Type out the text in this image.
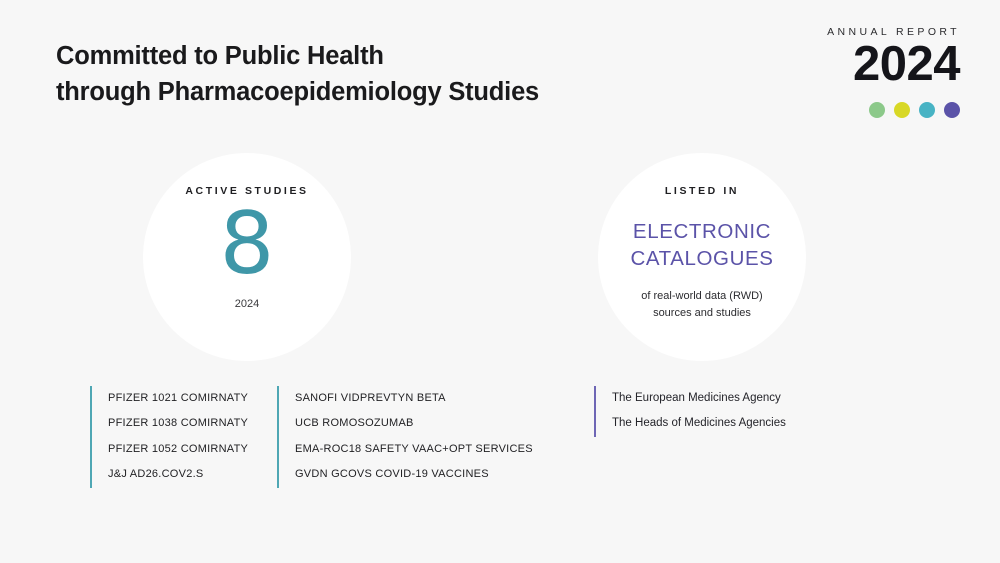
Committed to Public Health
through Pharmacoepidemiology Studies
ANNUAL REPORT
2024
ACTIVE STUDIES
8
2024
LISTED IN
ELECTRONIC
CATALOGUES
of real-world data (RWD)
sources and studies
PFIZER 1021 COMIRNATY
PFIZER 1038 COMIRNATY
PFIZER 1052 COMIRNATY
J&J AD26.COV2.S
SANOFI VIDPREVTYN BETA
UCB ROMOSOZUMAB
EMA-ROC18 SAFETY VAAC+OPT SERVICES
GVDN GCOVS COVID-19 VACCINES
The European Medicines Agency
The Heads of Medicines Agencies
